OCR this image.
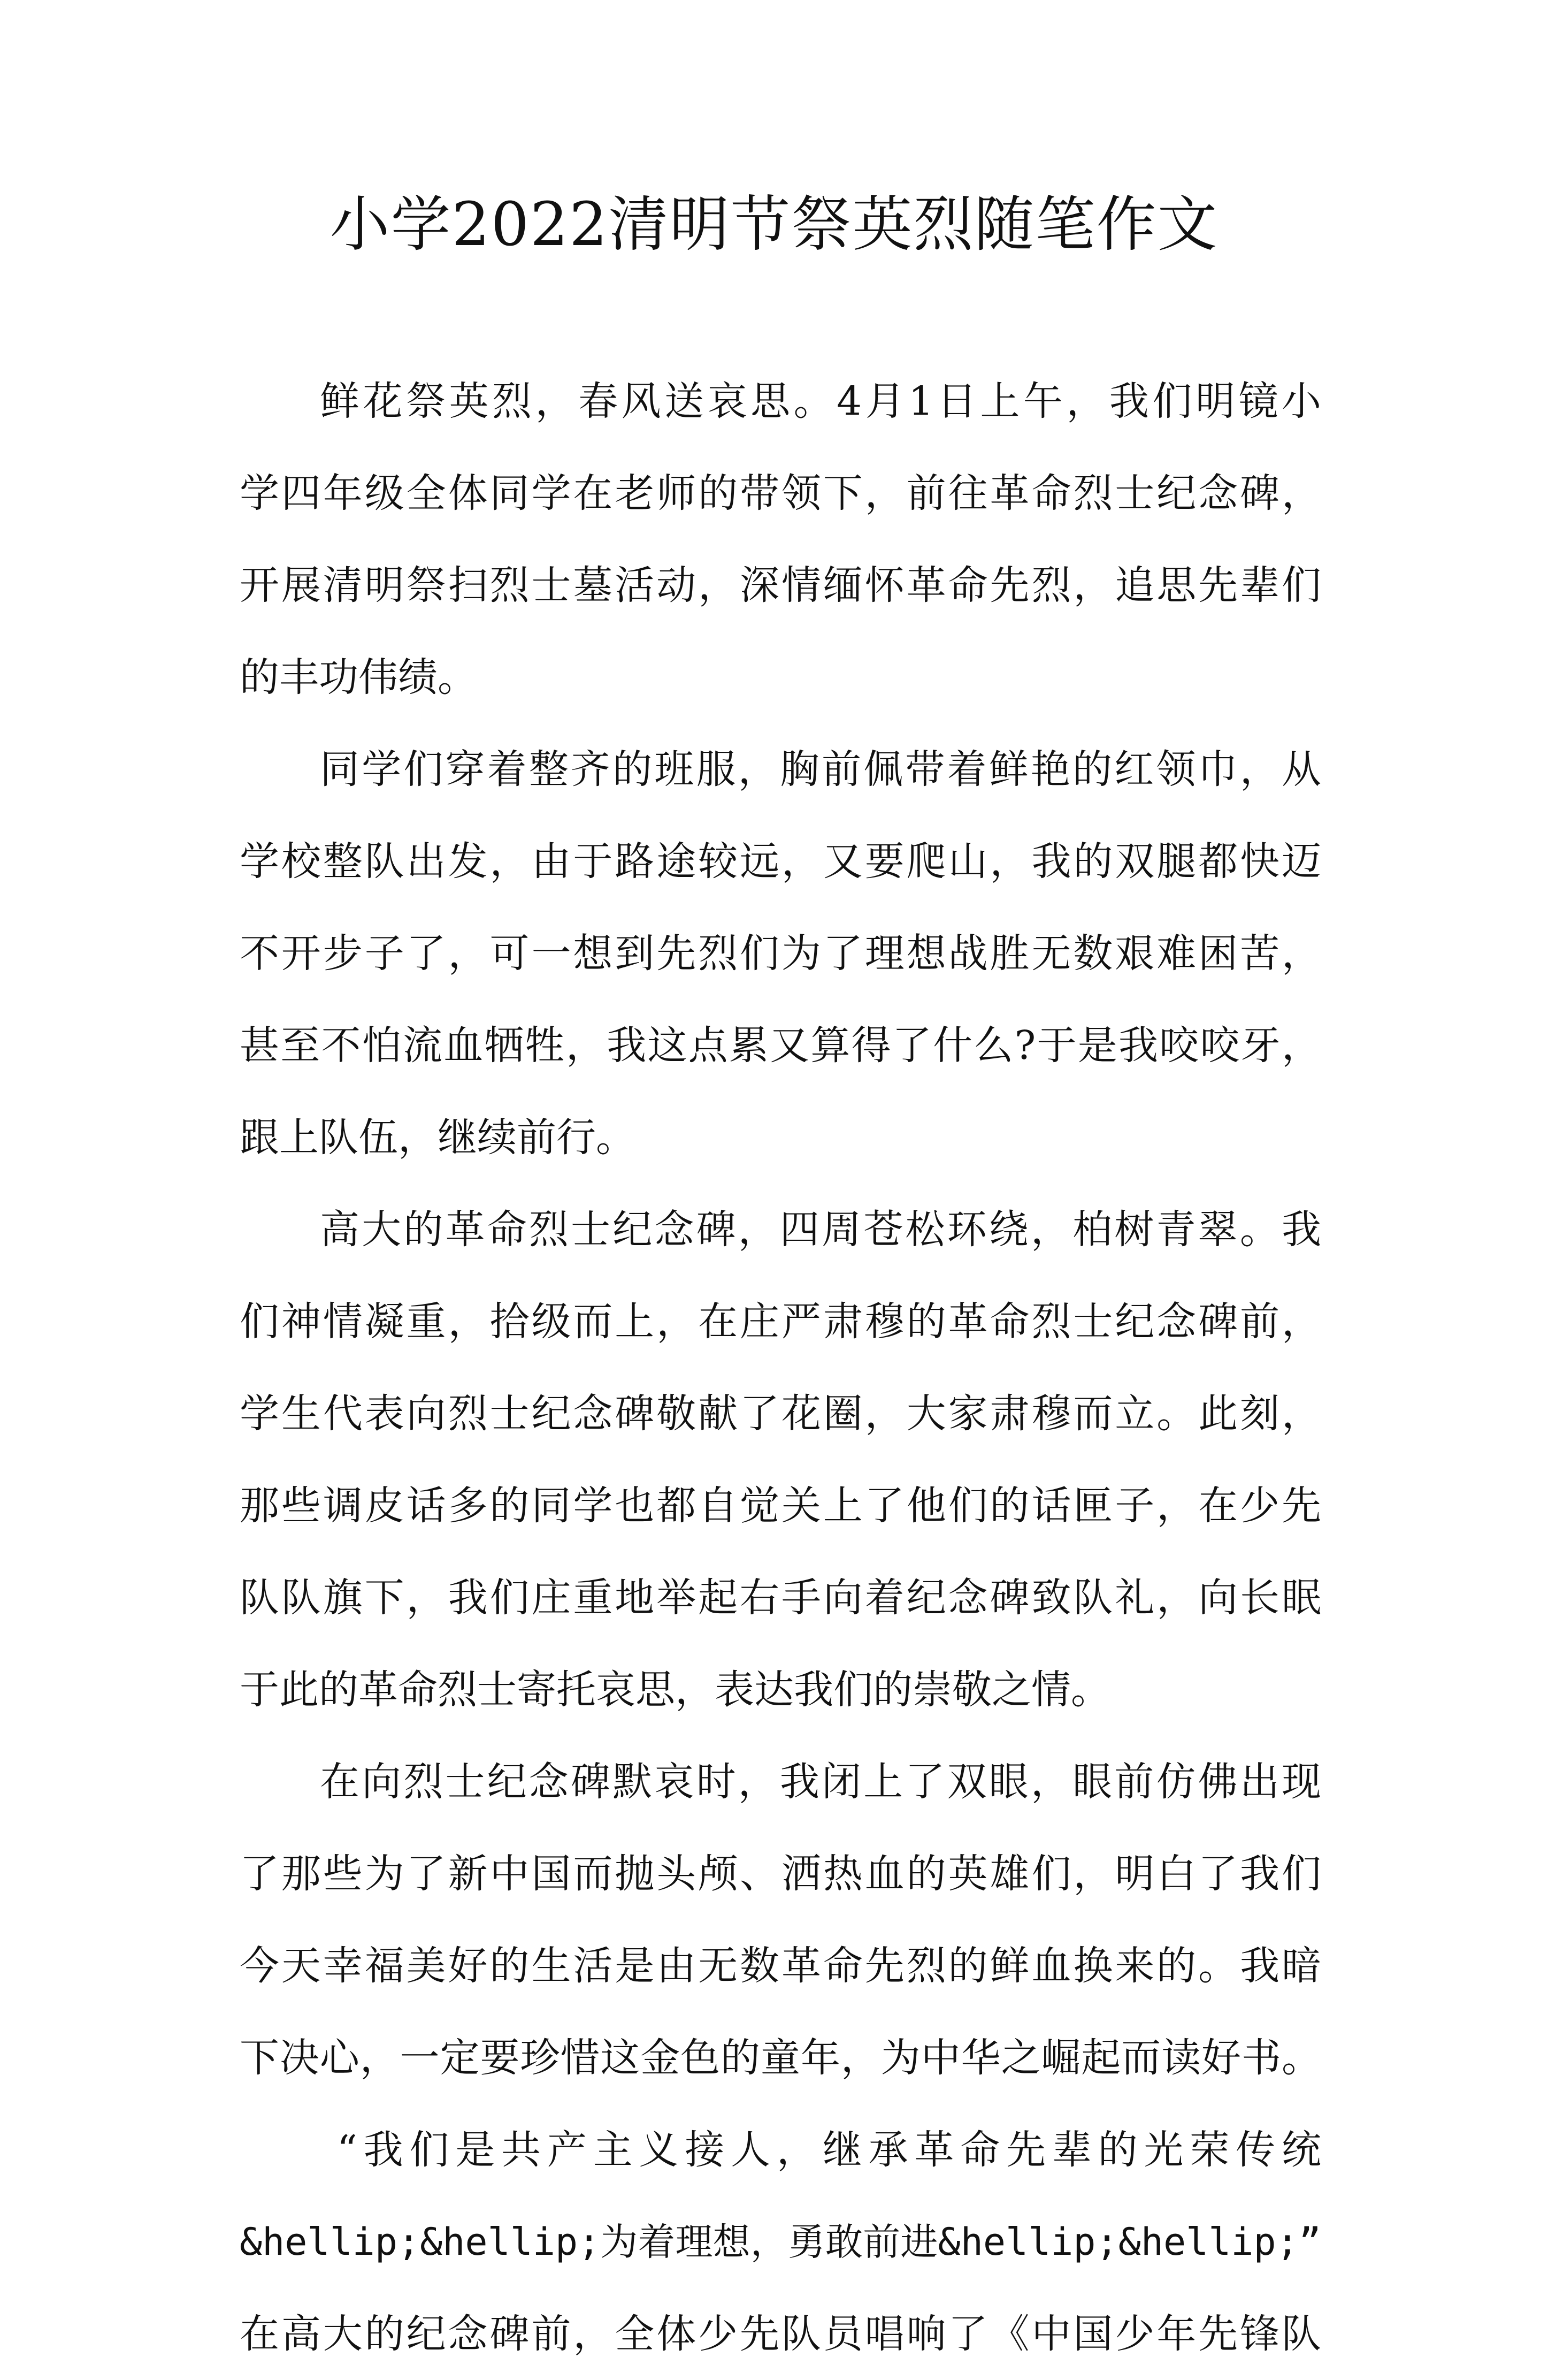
小学2022清明节祭英烈随笔作文
鲜花祭英烈，春风送哀思。4月1日上午，我们明镜小
学四年级全体同学在老师的带领下，前往革命烈士纪念碑，
开展清明祭扫烈士墓活动，深情缅怀革命先烈，追思先辈们
的丰功伟绩。
同学们穿着整齐的班服，胸前佩带着鲜艳的红领巾，从
学校整队出发，由于路途较远，又要爬山，我的双腿都快迈
不开步子了，可一想到先烈们为了理想战胜无数艰难困苦，
甚至不怕流血牺牲，我这点累又算得了什么?于是我咬咬牙，
跟上队伍，继续前行。
高大的革命烈士纪念碑，四周苍松环绕，柏树青翠。我
们神情凝重，拾级而上，在庄严肃穆的革命烈士纪念碑前，
学生代表向烈士纪念碑敬献了花圈，大家肃穆而立。此刻，
那些调皮话多的同学也都自觉关上了他们的话匣子，在少先
队队旗下，我们庄重地举起右手向着纪念碑致队礼，向长眠
于此的革命烈士寄托哀思，表达我们的崇敬之情。
在向烈士纪念碑默哀时，我闭上了双眼，眼前仿佛出现
了那些为了新中国而抛头颅、洒热血的英雄们，明白了我们
今天幸福美好的生活是由无数革命先烈的鲜血换来的。我暗
下决心，一定要珍惜这金色的童年，为中华之崛起而读好书。
“我们是共产主义接人，继承革命先辈的光荣传统
&hellip;&hellip;为着理想，勇敢前进&hellip;&hellip;”
在高大的纪念碑前，全体少先队员唱响了《中国少年先锋队
